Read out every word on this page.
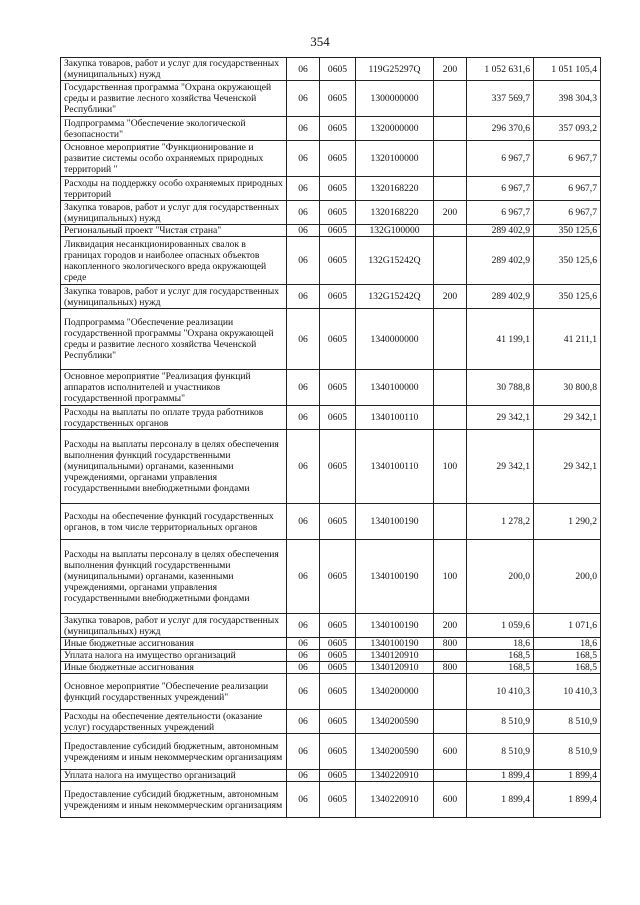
354
Закупка товаров, работ и услуг для государственных (муниципальных) нужд	06	0605	119G25297Q	200	1 052 631,6	1 051 105,4
Государственная программа "Охрана окружающей среды и развитие лесного хозяйства Чеченской Республики"	06	0605	1300000000		337 569,7	398 304,3
Подпрограмма "Обеспечение экологической безопасности"	06	0605	1320000000		296 370,6	357 093,2
Основное мероприятие "Функционирование и развитие системы особо охраняемых природных территорий "	06	0605	1320100000		6 967,7	6 967,7
Расходы на поддержку особо охраняемых природных территорий	06	0605	1320168220		6 967,7	6 967,7
Закупка товаров, работ и услуг для государственных (муниципальных) нужд	06	0605	1320168220	200	6 967,7	6 967,7
Региональный проект "Чистая страна"	06	0605	132G100000		289 402,9	350 125,6
Ликвидация несанкционированных свалок в границах городов и наиболее опасных объектов накопленного экологического вреда окружающей среде	06	0605	132G15242Q		289 402,9	350 125,6
Закупка товаров, работ и услуг для государственных (муниципальных) нужд	06	0605	132G15242Q	200	289 402,9	350 125,6
Подпрограмма "Обеспечение реализации государственной программы "Охрана окружающей среды и развитие лесного хозяйства Чеченской Республики"	06	0605	1340000000		41 199,1	41 211,1
Основное мероприятие "Реализация функций аппаратов исполнителей и участников государственной программы"	06	0605	1340100000		30 788,8	30 800,8
Расходы на выплаты по оплате труда работников государственных органов	06	0605	1340100110		29 342,1	29 342,1
Расходы на выплаты персоналу в целях обеспечения выполнения функций государственными (муниципальными) органами, казенными учреждениями, органами управления государственными внебюджетными фондами	06	0605	1340100110	100	29 342,1	29 342,1
Расходы на обеспечение функций государственных органов, в том числе территориальных органов	06	0605	1340100190		1 278,2	1 290,2
Расходы на выплаты персоналу в целях обеспечения выполнения функций государственными (муниципальными) органами, казенными учреждениями, органами управления государственными внебюджетными фондами	06	0605	1340100190	100	200,0	200,0
Закупка товаров, работ и услуг для государственных (муниципальных) нужд	06	0605	1340100190	200	1 059,6	1 071,6
Иные бюджетные ассигнования	06	0605	1340100190	800	18,6	18,6
Уплата налога на имущество организаций	06	0605	1340120910		168,5	168,5
Иные бюджетные ассигнования	06	0605	1340120910	800	168,5	168,5
Основное мероприятие "Обеспечение реализации функций государственных учреждений"	06	0605	1340200000		10 410,3	10 410,3
Расходы на обеспечение деятельности (оказание услуг) государственных учреждений	06	0605	1340200590		8 510,9	8 510,9
Предоставление субсидий бюджетным, автономным учреждениям и иным некоммерческим организациям	06	0605	1340200590	600	8 510,9	8 510,9
Уплата налога на имущество организаций	06	0605	1340220910		1 899,4	1 899,4
Предоставление субсидий бюджетным, автономным учреждениям и иным некоммерческим организациям	06	0605	1340220910	600	1 899,4	1 899,4
